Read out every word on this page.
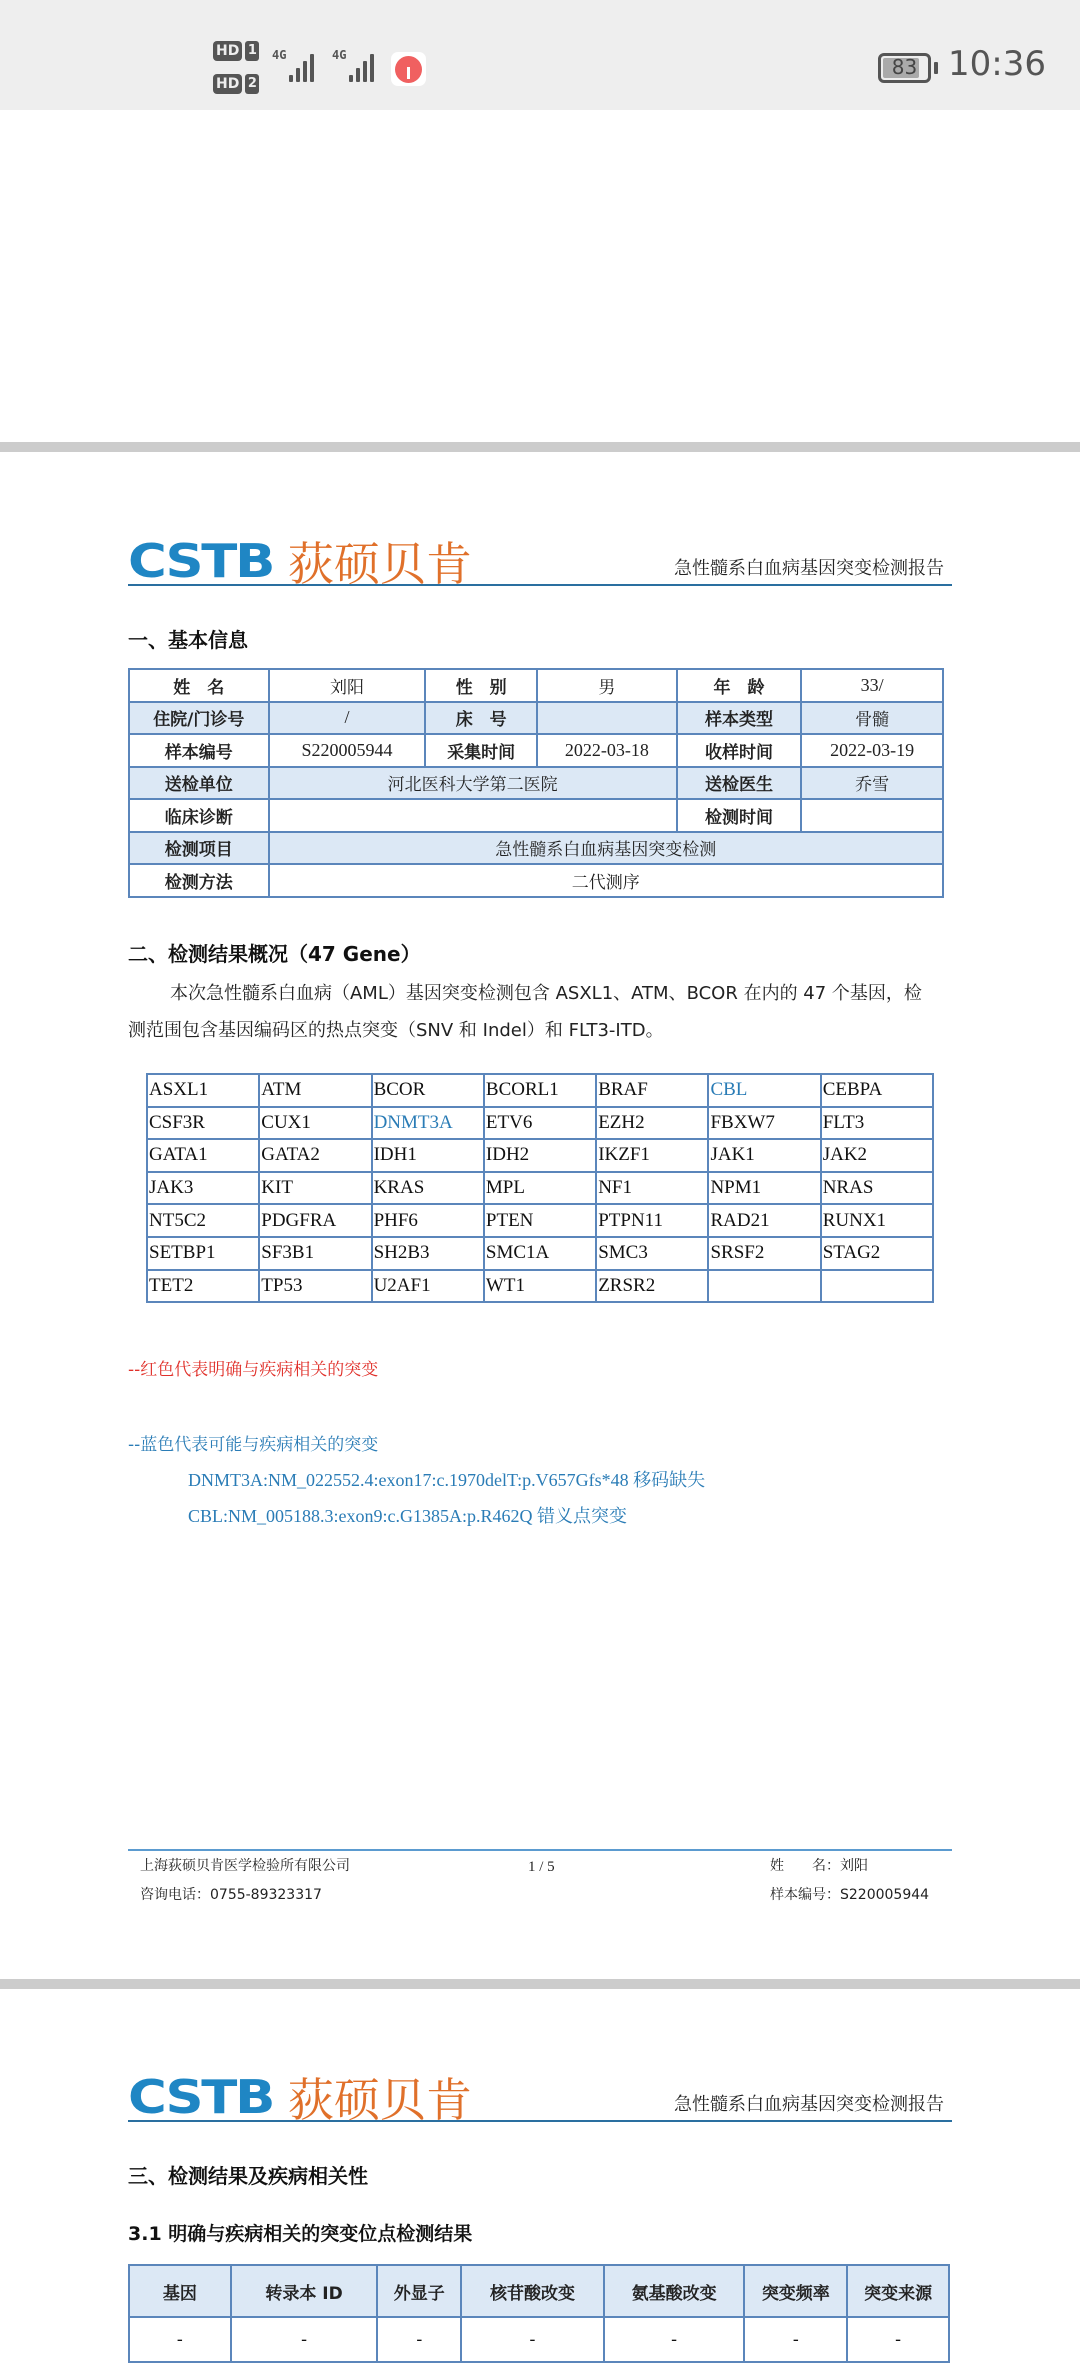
HD 1
HD 2
4G	4G	83 10:36
CSTB 荻硕贝肯	急性髓系白血病基因突变检测报告
一、基本信息
姓　名	刘阳	性　别	男	年　龄	33/
住院/门诊号	/	床　号		样本类型	骨髓
样本编号	S220005944	采集时间	2022-03-18	收样时间	2022-03-19
送检单位	河北医科大学第二医院			送检医生	乔雪
临床诊断				检测时间	
检测项目	急性髓系白血病基因突变检测				
检测方法	二代测序				
二、检测结果概况（47 Gene）
本次急性髓系白血病（AML）基因突变检测包含 ASXL1、ATM、BCOR 在内的 47 个基因，检
测范围包含基因编码区的热点突变（SNV 和 Indel）和 FLT3-ITD。
ASXL1	ATM	BCOR	BCORL1	BRAF	CBL	CEBPA
CSF3R	CUX1	DNMT3A	ETV6	EZH2	FBXW7	FLT3
GATA1	GATA2	IDH1	IDH2	IKZF1	JAK1	JAK2
JAK3	KIT	KRAS	MPL	NF1	NPM1	NRAS
NT5C2	PDGFRA	PHF6	PTEN	PTPN11	RAD21	RUNX1
SETBP1	SF3B1	SH2B3	SMC1A	SMC3	SRSF2	STAG2
TET2	TP53	U2AF1	WT1	ZRSR2		
--红色代表明确与疾病相关的突变
--蓝色代表可能与疾病相关的突变
DNMT3A:NM_022552.4:exon17:c.1970delT:p.V657Gfs*48 移码缺失
CBL:NM_005188.3:exon9:c.G1385A:p.R462Q 错义点突变
上海荻硕贝肯医学检验所有限公司
咨询电话：0755-89323317
1 / 5	姓　　名：刘阳
样本编号：S220005944
CSTB 荻硕贝肯	急性髓系白血病基因突变检测报告
三、检测结果及疾病相关性
3.1 明确与疾病相关的突变位点检测结果
基因	转录本 ID	外显子	核苷酸改变	氨基酸改变	突变频率	突变来源
-	-	-	-	-	-	-
